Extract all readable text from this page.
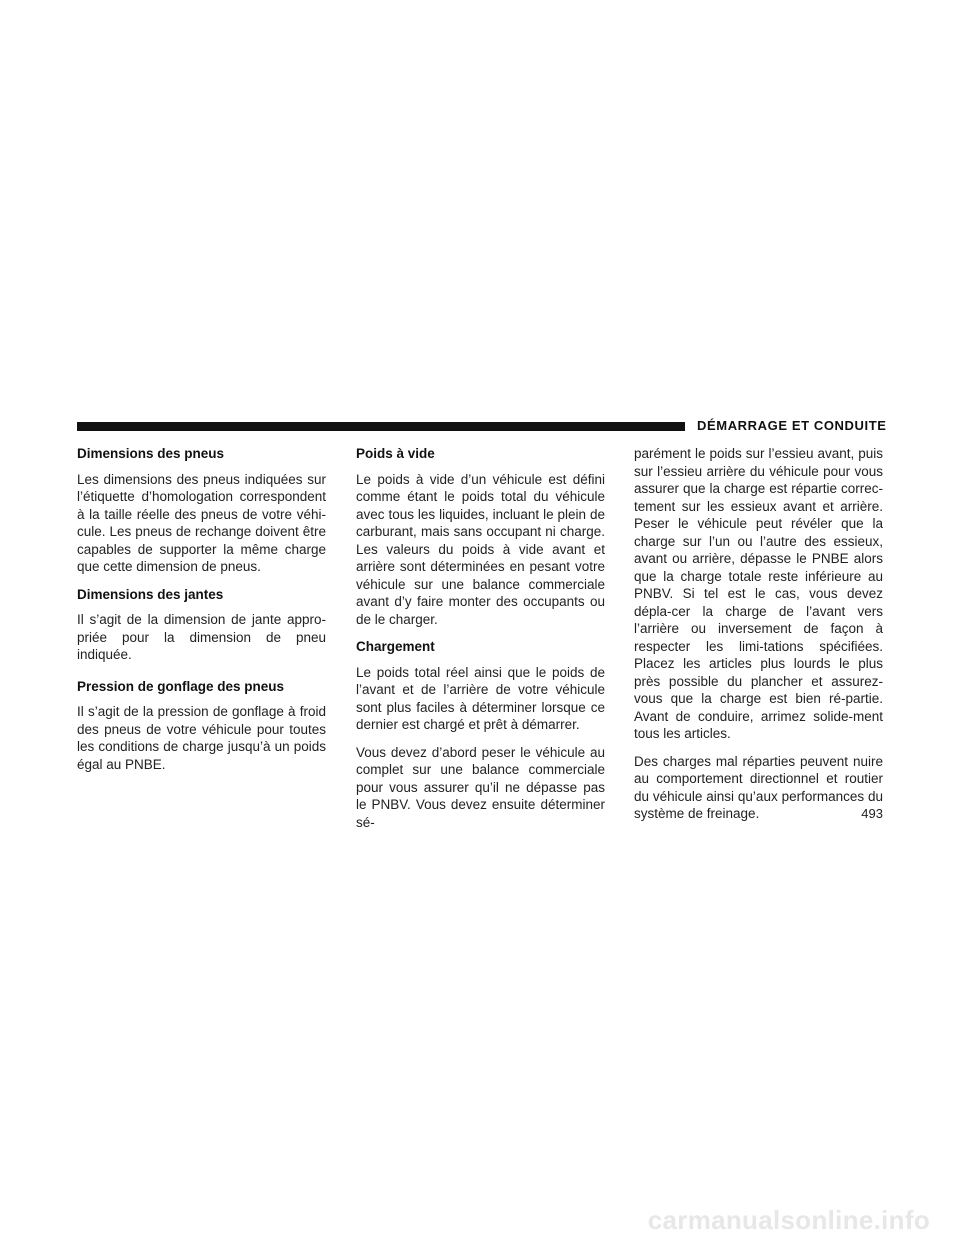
DÉMARRAGE ET CONDUITE
Dimensions des pneus

Les dimensions des pneus indiquées sur l’étiquette d’homologation correspondent à la taille réelle des pneus de votre véhi-cule. Les pneus de rechange doivent être capables de supporter la même charge que cette dimension de pneus.

Dimensions des jantes

Il s’agit de la dimension de jante appro-priée pour la dimension de pneu indiquée.

Pression de gonflage des pneus

Il s’agit de la pression de gonflage à froid des pneus de votre véhicule pour toutes les conditions de charge jusqu’à un poids égal au PNBE.

Poids à vide

Le poids à vide d’un véhicule est défini comme étant le poids total du véhicule avec tous les liquides, incluant le plein de carburant, mais sans occupant ni charge. Les valeurs du poids à vide avant et arrière sont déterminées en pesant votre véhicule sur une balance commerciale avant d’y faire monter des occupants ou de le charger.

Chargement

Le poids total réel ainsi que le poids de l’avant et de l’arrière de votre véhicule sont plus faciles à déterminer lorsque ce dernier est chargé et prêt à démarrer.

Vous devez d’abord peser le véhicule au complet sur une balance commerciale pour vous assurer qu’il ne dépasse pas le PNBV. Vous devez ensuite déterminer sé-

parément le poids sur l’essieu avant, puis sur l’essieu arrière du véhicule pour vous assurer que la charge est répartie correc-tement sur les essieux avant et arrière. Peser le véhicule peut révéler que la charge sur l’un ou l’autre des essieux, avant ou arrière, dépasse le PNBE alors que la charge totale reste inférieure au PNBV. Si tel est le cas, vous devez dépla-cer la charge de l’avant vers l’arrière ou inversement de façon à respecter les limi-tations spécifiées. Placez les articles plus lourds le plus près possible du plancher et assurez-vous que la charge est bien ré-partie. Avant de conduire, arrimez solide-ment tous les articles.

Des charges mal réparties peuvent nuire au comportement directionnel et routier du véhicule ainsi qu’aux performances du système de freinage.	493
carmanualsonline.info
